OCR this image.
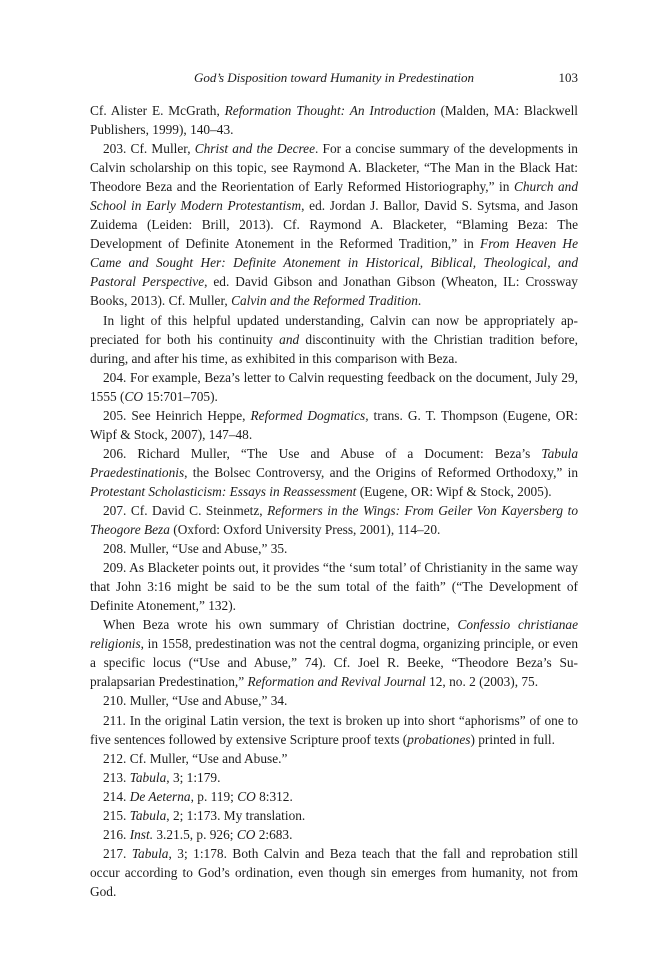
God’s Disposition toward Humanity in Predestination	103

Cf. Alister E. McGrath, Reformation Thought: An Introduction (Malden, MA: Blackwell Publishers, 1999), 140–43.

203. Cf. Muller, Christ and the Decree. For a concise summary of the developments in Calvin scholarship on this topic, see Raymond A. Blacketer, “The Man in the Black Hat: Theodore Beza and the Reorientation of Early Reformed Historiography,” in Church and School in Early Modern Protestantism, ed. Jordan J. Ballor, David S. Sytsma, and Jason Zuidema (Leiden: Brill, 2013). Cf. Raymond A. Blacketer, “Blaming Beza: The Development of Definite Atonement in the Reformed Tradition,” in From Heaven He Came and Sought Her: Definite Atonement in Historical, Biblical, Theological, and Pastoral Perspective, ed. David Gibson and Jonathan Gibson (Wheaton, IL: Crossway Books, 2013). Cf. Muller, Calvin and the Reformed Tradition.

In light of this helpful updated understanding, Calvin can now be appropriately appreciated for both his continuity and discontinuity with the Christian tradition before, during, and after his time, as exhibited in this comparison with Beza.

204. For example, Beza’s letter to Calvin requesting feedback on the document, July 29, 1555 (CO 15:701–705).

205. See Heinrich Heppe, Reformed Dogmatics, trans. G. T. Thompson (Eugene, OR: Wipf & Stock, 2007), 147–48.

206. Richard Muller, “The Use and Abuse of a Document: Beza’s Tabula Praedestinationis, the Bolsec Controversy, and the Origins of Reformed Orthodoxy,” in Protestant Scholasticism: Essays in Reassessment (Eugene, OR: Wipf & Stock, 2005).

207. Cf. David C. Steinmetz, Reformers in the Wings: From Geiler Von Kayersberg to Theogore Beza (Oxford: Oxford University Press, 2001), 114–20.

208. Muller, “Use and Abuse,” 35.

209. As Blacketer points out, it provides “the ‘sum total’ of Christianity in the same way that John 3:16 might be said to be the sum total of the faith” (“The Development of Definite Atonement,” 132).

When Beza wrote his own summary of Christian doctrine, Confessio christianae religionis, in 1558, predestination was not the central dogma, organizing principle, or even a specific locus (“Use and Abuse,” 74). Cf. Joel R. Beeke, “Theodore Beza’s Supralapsarian Predestination,” Reformation and Revival Journal 12, no. 2 (2003), 75.

210. Muller, “Use and Abuse,” 34.

211. In the original Latin version, the text is broken up into short “aphorisms” of one to five sentences followed by extensive Scripture proof texts (probationes) printed in full.

212. Cf. Muller, “Use and Abuse.”

213. Tabula, 3; 1:179.

214. De Aeterna, p. 119; CO 8:312.

215. Tabula, 2; 1:173. My translation.

216. Inst. 3.21.5, p. 926; CO 2:683.

217. Tabula, 3; 1:178. Both Calvin and Beza teach that the fall and reprobation still occur according to God’s ordination, even though sin emerges from humanity, not from God.
